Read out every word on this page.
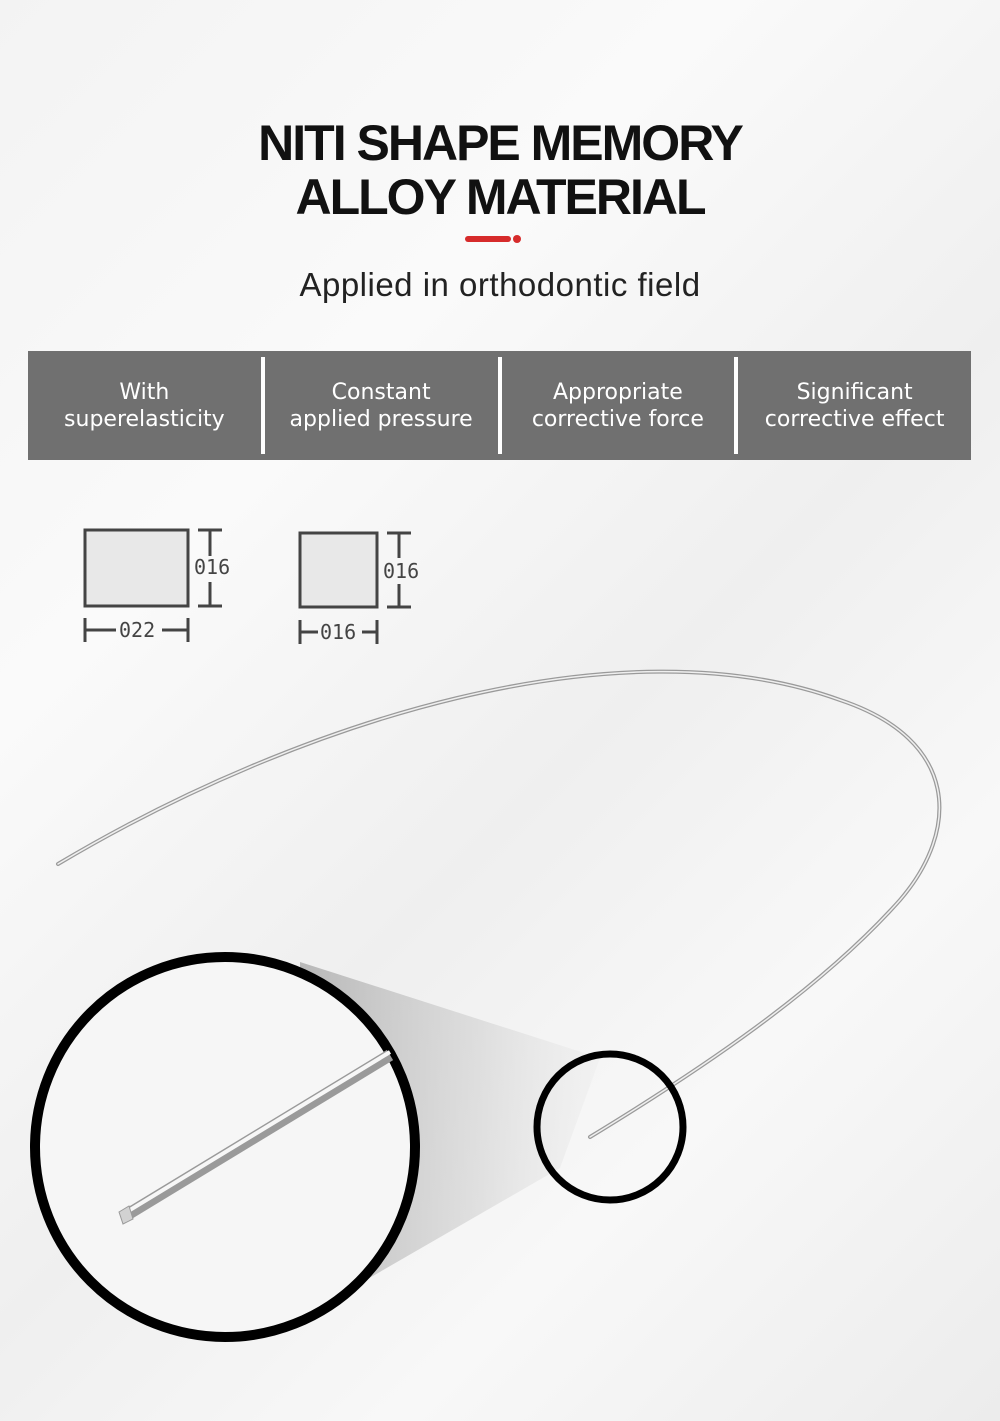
NITI SHAPE MEMORY
ALLOY MATERIAL
Applied in orthodontic field
With
superelasticity
Constant
applied pressure
Appropriate
corrective force
Significant
corrective effect
016
022
016
016
